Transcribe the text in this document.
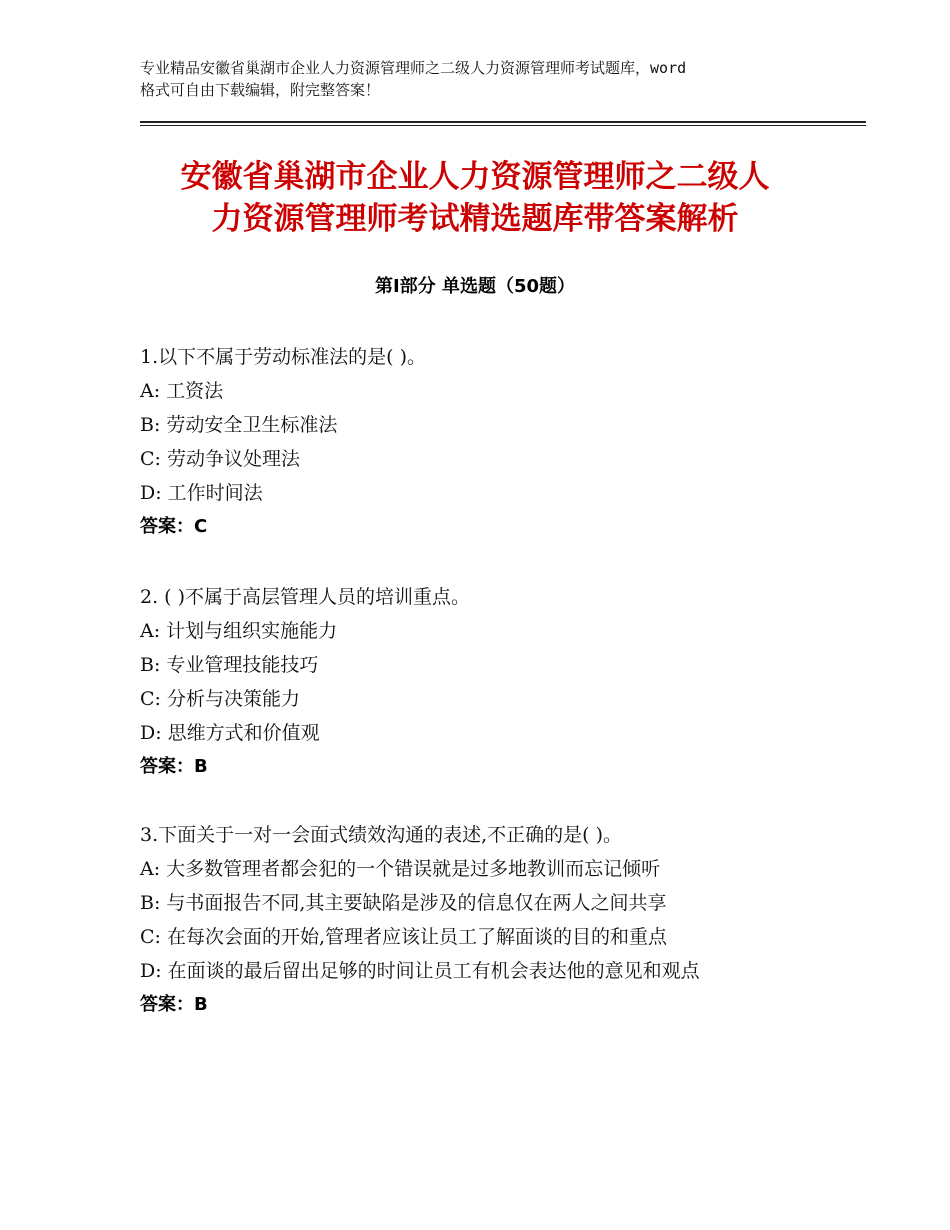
专业精品安徽省巢湖市企业人力资源管理师之二级人力资源管理师考试题库，word
格式可自由下载编辑，附完整答案！
安徽省巢湖市企业人力资源管理师之二级人
力资源管理师考试精选题库带答案解析
第Ⅰ部分 单选题（50题）
1.以下不属于劳动标准法的是( )。
A: 工资法
B: 劳动安全卫生标准法
C: 劳动争议处理法
D: 工作时间法
答案：C
2. ( )不属于高层管理人员的培训重点。
A: 计划与组织实施能力
B: 专业管理技能技巧
C: 分析与决策能力
D: 思维方式和价值观
答案：B
3.下面关于一对一会面式绩效沟通的表述,不正确的是( )。
A: 大多数管理者都会犯的一个错误就是过多地教训而忘记倾听
B: 与书面报告不同,其主要缺陷是涉及的信息仅在两人之间共享
C: 在每次会面的开始,管理者应该让员工了解面谈的目的和重点
D: 在面谈的最后留出足够的时间让员工有机会表达他的意见和观点
答案：B
